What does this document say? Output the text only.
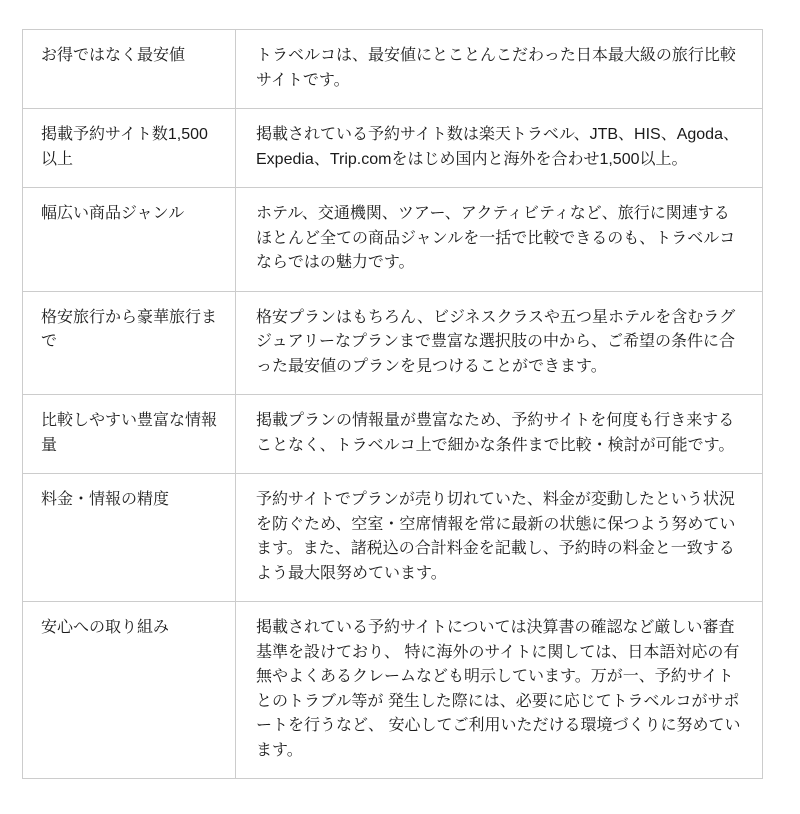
お得ではなく最安値	トラベルコは、最安値にとことんこだわった日本最大級の旅行比較サイトです。
掲載予約サイト数1,500以上	掲載されている予約サイト数は楽天トラベル、JTB、HIS、Agoda、Expedia、Trip.comをはじめ国内と海外を合わせ1,500以上。
幅広い商品ジャンル	ホテル、交通機関、ツアー、アクティビティなど、旅行に関連するほとんど全ての商品ジャンルを一括で比較できるのも、トラベルコならではの魅力です。
格安旅行から豪華旅行まで	格安プランはもちろん、ビジネスクラスや五つ星ホテルを含むラグジュアリーなプランまで豊富な選択肢の中から、ご希望の条件に合った最安値のプランを見つけることができます。
比較しやすい豊富な情報量	掲載プランの情報量が豊富なため、予約サイトを何度も行き来することなく、トラベルコ上で細かな条件まで比較・検討が可能です。
料金・情報の精度	予約サイトでプランが売り切れていた、料金が変動したという状況を防ぐため、空室・空席情報を常に最新の状態に保つよう努めています。また、諸税込の合計料金を記載し、予約時の料金と一致するよう最大限努めています。
安心への取り組み	掲載されている予約サイトについては決算書の確認など厳しい審査基準を設けており、 特に海外のサイトに関しては、日本語対応の有無やよくあるクレームなども明示しています。万が一、予約サイトとのトラブル等が 発生した際には、必要に応じてトラベルコがサポートを行うなど、 安心してご利用いただける環境づくりに努めています。
